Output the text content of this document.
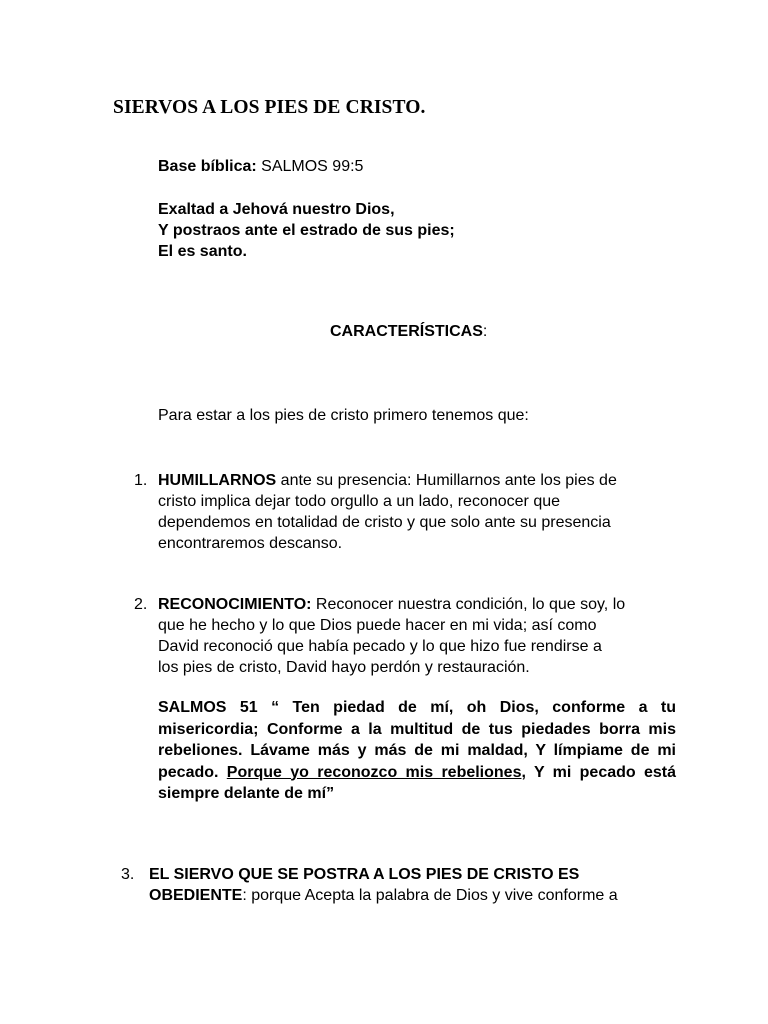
SIERVOS A LOS PIES DE CRISTO.
Base bíblica: SALMOS 99:5
Exaltad a Jehová nuestro Dios,
Y postraos ante el estrado de sus pies;
El es santo.
CARACTERÍSTICAS:
Para estar a los pies de cristo primero tenemos que:
1. HUMILLARNOS ante su presencia: Humillarnos ante los pies de
cristo implica dejar todo orgullo a un lado, reconocer que
dependemos en totalidad de cristo y que solo ante su presencia
encontraremos descanso.
2. RECONOCIMIENTO: Reconocer nuestra condición, lo que soy, lo
que he hecho y lo que Dios puede hacer en mi vida; así como
David reconoció que había pecado y lo que hizo fue rendirse a
los pies de cristo, David hayo perdón y restauración.
SALMOS 51 “ Ten piedad de mí, oh Dios, conforme a tu misericordia; Conforme a la multitud de tus piedades borra mis rebeliones. Lávame más y más de mi maldad, Y límpiame de mi pecado. Porque yo reconozco mis rebeliones, Y mi pecado está siempre delante de mí”
3. EL SIERVO QUE SE POSTRA A LOS PIES DE CRISTO ES
OBEDIENTE: porque Acepta la palabra de Dios y vive conforme a
